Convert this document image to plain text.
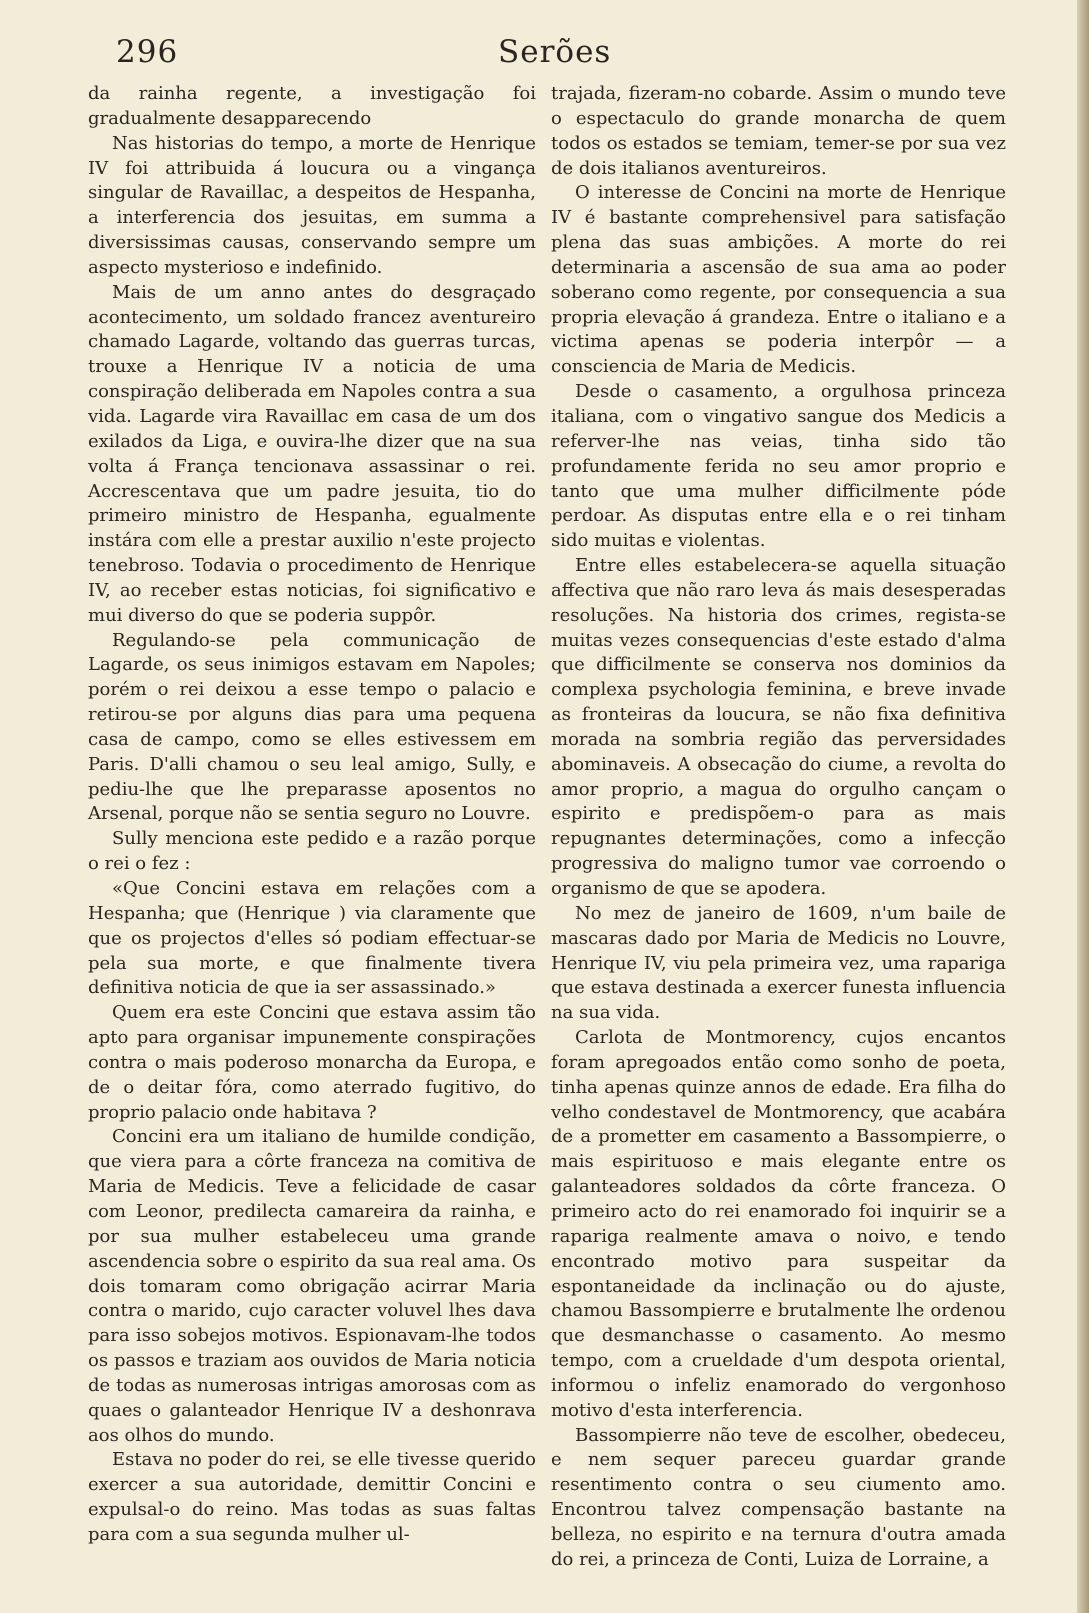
296	Serões

da rainha regente, a investigação foi gradualmente desapparecendo

Nas historias do tempo, a morte de Henrique IV foi attribuida á loucura ou a vingança singular de Ravaillac, a despeitos de Hespanha, a interferencia dos jesuitas, em summa a diversissimas causas, conservando sempre um aspecto mysterioso e indefinido.

Mais de um anno antes do desgraçado acontecimento, um soldado francez aventureiro chamado Lagarde, voltando das guerras turcas, trouxe a Henrique IV a noticia de uma conspiração deliberada em Napoles contra a sua vida. Lagarde vira Ravaillac em casa de um dos exilados da Liga, e ouvira-lhe dizer que na sua volta á França tencionava assassinar o rei. Accrescentava que um padre jesuita, tio do primeiro ministro de Hespanha, egualmente instára com elle a prestar auxilio n'este projecto tenebroso. Todavia o procedimento de Henrique IV, ao receber estas noticias, foi significativo e mui diverso do que se poderia suppôr.

Regulando-se pela communicação de Lagarde, os seus inimigos estavam em Napoles; porém o rei deixou a esse tempo o palacio e retirou-se por alguns dias para uma pequena casa de campo, como se elles estivessem em Paris. D'alli chamou o seu leal amigo, Sully, e pediu-lhe que lhe preparasse aposentos no Arsenal, porque não se sentia seguro no Louvre.

Sully menciona este pedido e a razão porque o rei o fez :

«Que Concini estava em relações com a Hespanha; que (Henrique ) via claramente que que os projectos d'elles só podiam effectuar-se pela sua morte, e que finalmente tivera definitiva noticia de que ia ser assassinado.»

Quem era este Concini que estava assim tão apto para organisar impunemente conspirações contra o mais poderoso monarcha da Europa, e de o deitar fóra, como aterrado fugitivo, do proprio palacio onde habitava ?

Concini era um italiano de humilde condição, que viera para a côrte franceza na comitiva de Maria de Medicis. Teve a felicidade de casar com Leonor, predilecta camareira da rainha, e por sua mulher estabeleceu uma grande ascendencia sobre o espirito da sua real ama. Os dois tomaram como obrigação acirrar Maria contra o marido, cujo caracter voluvel lhes dava para isso sobejos motivos. Espionavam-lhe todos os passos e traziam aos ouvidos de Maria noticia de todas as numerosas intrigas amorosas com as quaes o galanteador Henrique IV a deshonrava aos olhos do mundo.

Estava no poder do rei, se elle tivesse querido exercer a sua autoridade, demittir Concini e expulsal-o do reino. Mas todas as suas faltas para com a sua segunda mulher ul-

trajada, fizeram-no cobarde. Assim o mundo teve o espectaculo do grande monarcha de quem todos os estados se temiam, temer-se por sua vez de dois italianos aventureiros.

O interesse de Concini na morte de Henrique IV é bastante comprehensivel para satisfação plena das suas ambições. A morte do rei determinaria a ascensão de sua ama ao poder soberano como regente, por consequencia a sua propria elevação á grandeza. Entre o italiano e a victima apenas se poderia interpôr — a consciencia de Maria de Medicis.

Desde o casamento, a orgulhosa princeza italiana, com o vingativo sangue dos Medicis a referver-lhe nas veias, tinha sido tão profundamente ferida no seu amor proprio e tanto que uma mulher difficilmente póde perdoar. As disputas entre ella e o rei tinham sido muitas e violentas.

Entre elles estabelecera-se aquella situação affectiva que não raro leva ás mais desesperadas resoluções. Na historia dos crimes, regista-se muitas vezes consequencias d'este estado d'alma que difficilmente se conserva nos dominios da complexa psychologia feminina, e breve invade as fronteiras da loucura, se não fixa definitiva morada na sombria região das perversidades abominaveis. A obsecação do ciume, a revolta do amor proprio, a magua do orgulho cançam o espirito e predispõem-o para as mais repugnantes determinações, como a infecção progressiva do maligno tumor vae corroendo o organismo de que se apodera.

No mez de janeiro de 1609, n'um baile de mascaras dado por Maria de Medicis no Louvre, Henrique IV, viu pela primeira vez, uma rapariga que estava destinada a exercer funesta influencia na sua vida.

Carlota de Montmorency, cujos encantos foram apregoados então como sonho de poeta, tinha apenas quinze annos de edade. Era filha do velho condestavel de Montmorency, que acabára de a prometter em casamento a Bassompierre, o mais espirituoso e mais elegante entre os galanteadores soldados da côrte franceza. O primeiro acto do rei enamorado foi inquirir se a rapariga realmente amava o noivo, e tendo encontrado motivo para suspeitar da espontaneidade da inclinação ou do ajuste, chamou Bassompierre e brutalmente lhe ordenou que desmanchasse o casamento. Ao mesmo tempo, com a crueldade d'um despota oriental, informou o infeliz enamorado do vergonhoso motivo d'esta interferencia.

Bassompierre não teve de escolher, obedeceu, e nem sequer pareceu guardar grande resentimento contra o seu ciumento amo. Encontrou talvez compensação bastante na belleza, no espirito e na ternura d'outra amada do rei, a princeza de Conti, Luiza de Lorraine, a
